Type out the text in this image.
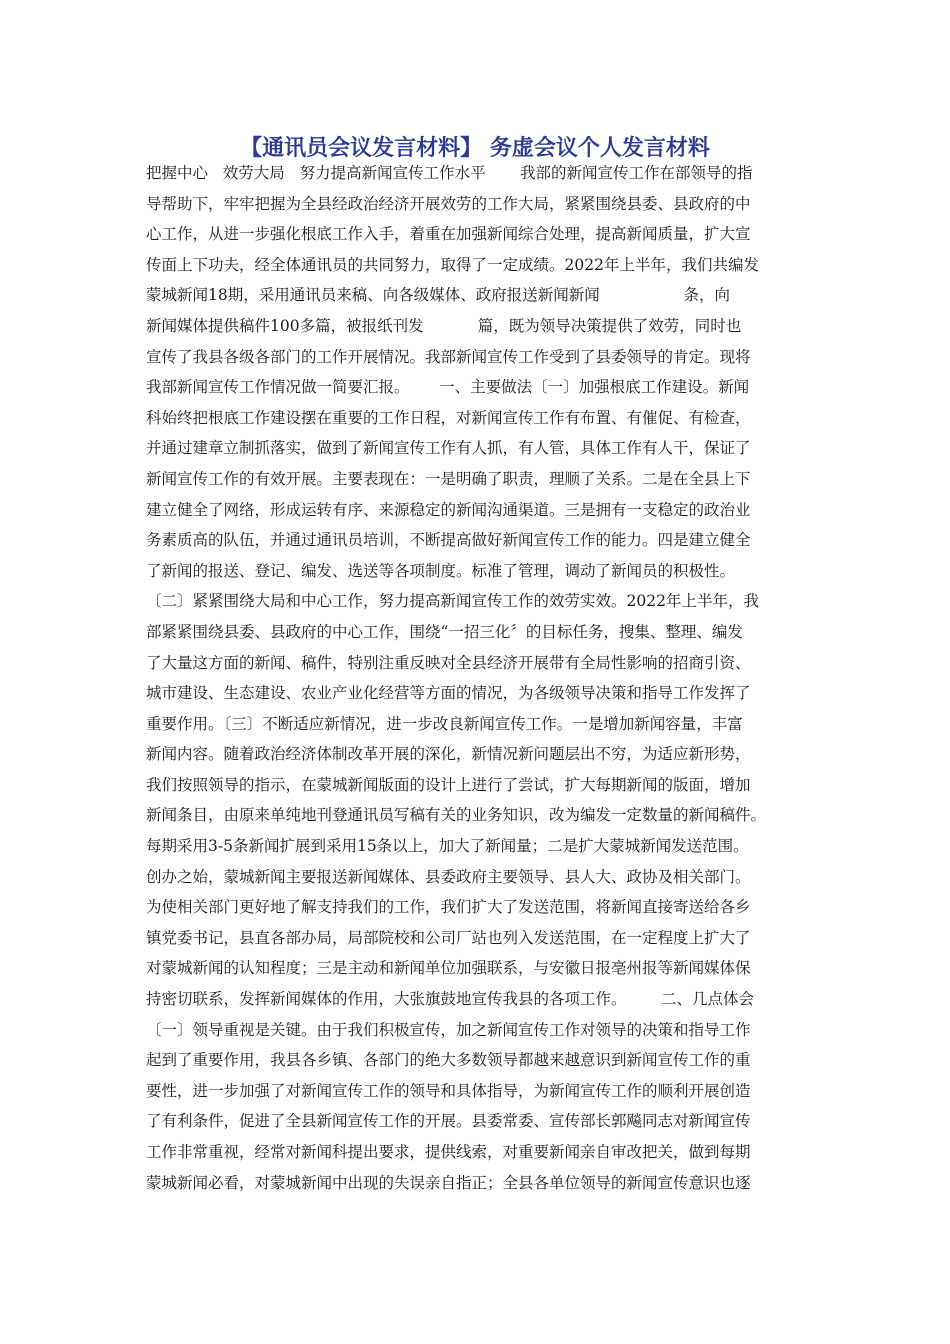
【通讯员会议发言材料】 务虚会议个人发言材料
把握中心   效劳大局   努力提高新闻宣传工作水平       我部的新闻宣传工作在部领导的指
导帮助下，牢牢把握为全县经政治经济开展效劳的工作大局，紧紧围绕县委、县政府的中
心工作，从进一步强化根底工作入手，着重在加强新闻综合处理，提高新闻质量，扩大宣
传面上下功夫，经全体通讯员的共同努力，取得了一定成绩。2022年上半年，我们共编发
蒙城新闻18期，采用通讯员来稿、向各级媒体、政府报送新闻新闻                 条，向
新闻媒体提供稿件100多篇，被报纸刊发           篇，既为领导决策提供了效劳，同时也
宣传了我县各级各部门的工作开展情况。我部新闻宣传工作受到了县委领导的肯定。现将
我部新闻宣传工作情况做一简要汇报。      一、主要做法〔一〕加强根底工作建设。新闻
科始终把根底工作建设摆在重要的工作日程，对新闻宣传工作有布置、有催促、有检查，
并通过建章立制抓落实，做到了新闻宣传工作有人抓，有人管，具体工作有人干，保证了
新闻宣传工作的有效开展。主要表现在：一是明确了职责，理顺了关系。二是在全县上下
建立健全了网络，形成运转有序、来源稳定的新闻沟通渠道。三是拥有一支稳定的政治业
务素质高的队伍，并通过通讯员培训，不断提高做好新闻宣传工作的能力。四是建立健全
了新闻的报送、登记、编发、选送等各项制度。标准了管理，调动了新闻员的积极性。
〔二〕紧紧围绕大局和中心工作，努力提高新闻宣传工作的效劳实效。2022年上半年，我
部紧紧围绕县委、县政府的中心工作，围绕“一招三化〞的目标任务，搜集、整理、编发
了大量这方面的新闻、稿件，特别注重反映对全县经济开展带有全局性影响的招商引资、
城市建设、生态建设、农业产业化经营等方面的情况，为各级领导决策和指导工作发挥了
重要作用。〔三〕不断适应新情况，进一步改良新闻宣传工作。一是增加新闻容量，丰富
新闻内容。随着政治经济体制改革开展的深化，新情况新问题层出不穷，为适应新形势，
我们按照领导的指示，在蒙城新闻版面的设计上进行了尝试，扩大每期新闻的版面，增加
新闻条目，由原来单纯地刊登通讯员写稿有关的业务知识，改为编发一定数量的新闻稿件。
每期采用3-5条新闻扩展到采用15条以上，加大了新闻量；二是扩大蒙城新闻发送范围。
创办之始，蒙城新闻主要报送新闻媒体、县委政府主要领导、县人大、政协及相关部门。
为使相关部门更好地了解支持我们的工作，我们扩大了发送范围，将新闻直接寄送给各乡
镇党委书记，县直各部办局，局部院校和公司厂站也列入发送范围，在一定程度上扩大了
对蒙城新闻的认知程度；三是主动和新闻单位加强联系，与安徽日报亳州报等新闻媒体保
持密切联系，发挥新闻媒体的作用，大张旗鼓地宣传我县的各项工作。       二、几点体会
〔一〕领导重视是关键。由于我们积极宣传，加之新闻宣传工作对领导的决策和指导工作
起到了重要作用，我县各乡镇、各部门的绝大多数领导都越来越意识到新闻宣传工作的重
要性，进一步加强了对新闻宣传工作的领导和具体指导，为新闻宣传工作的顺利开展创造
了有利条件，促进了全县新闻宣传工作的开展。县委常委、宣传部长郭飚同志对新闻宣传
工作非常重视，经常对新闻科提出要求，提供线索，对重要新闻亲自审改把关，做到每期
蒙城新闻必看，对蒙城新闻中出现的失误亲自指正；全县各单位领导的新闻宣传意识也逐
